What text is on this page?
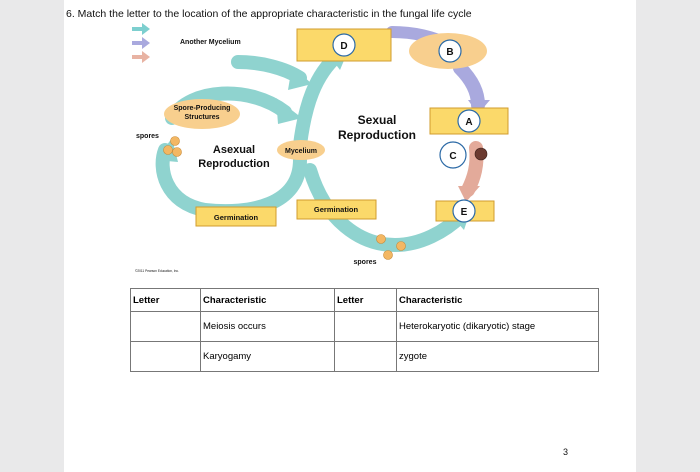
6. Match the letter to the location of the appropriate characteristic in the fungal life cycle
Another Mycelium
Spore-Producing
Structures
spores
Asexual
Reproduction
Mycelium
Germination
Sexual
Reproduction
Germination
spores
D
B
A
C
E
©2011 Pearson Education, Inc.
Letter	Characteristic	Letter	Characteristic
	Meiosis occurs		Heterokaryotic (dikaryotic) stage
	Karyogamy		zygote
3
